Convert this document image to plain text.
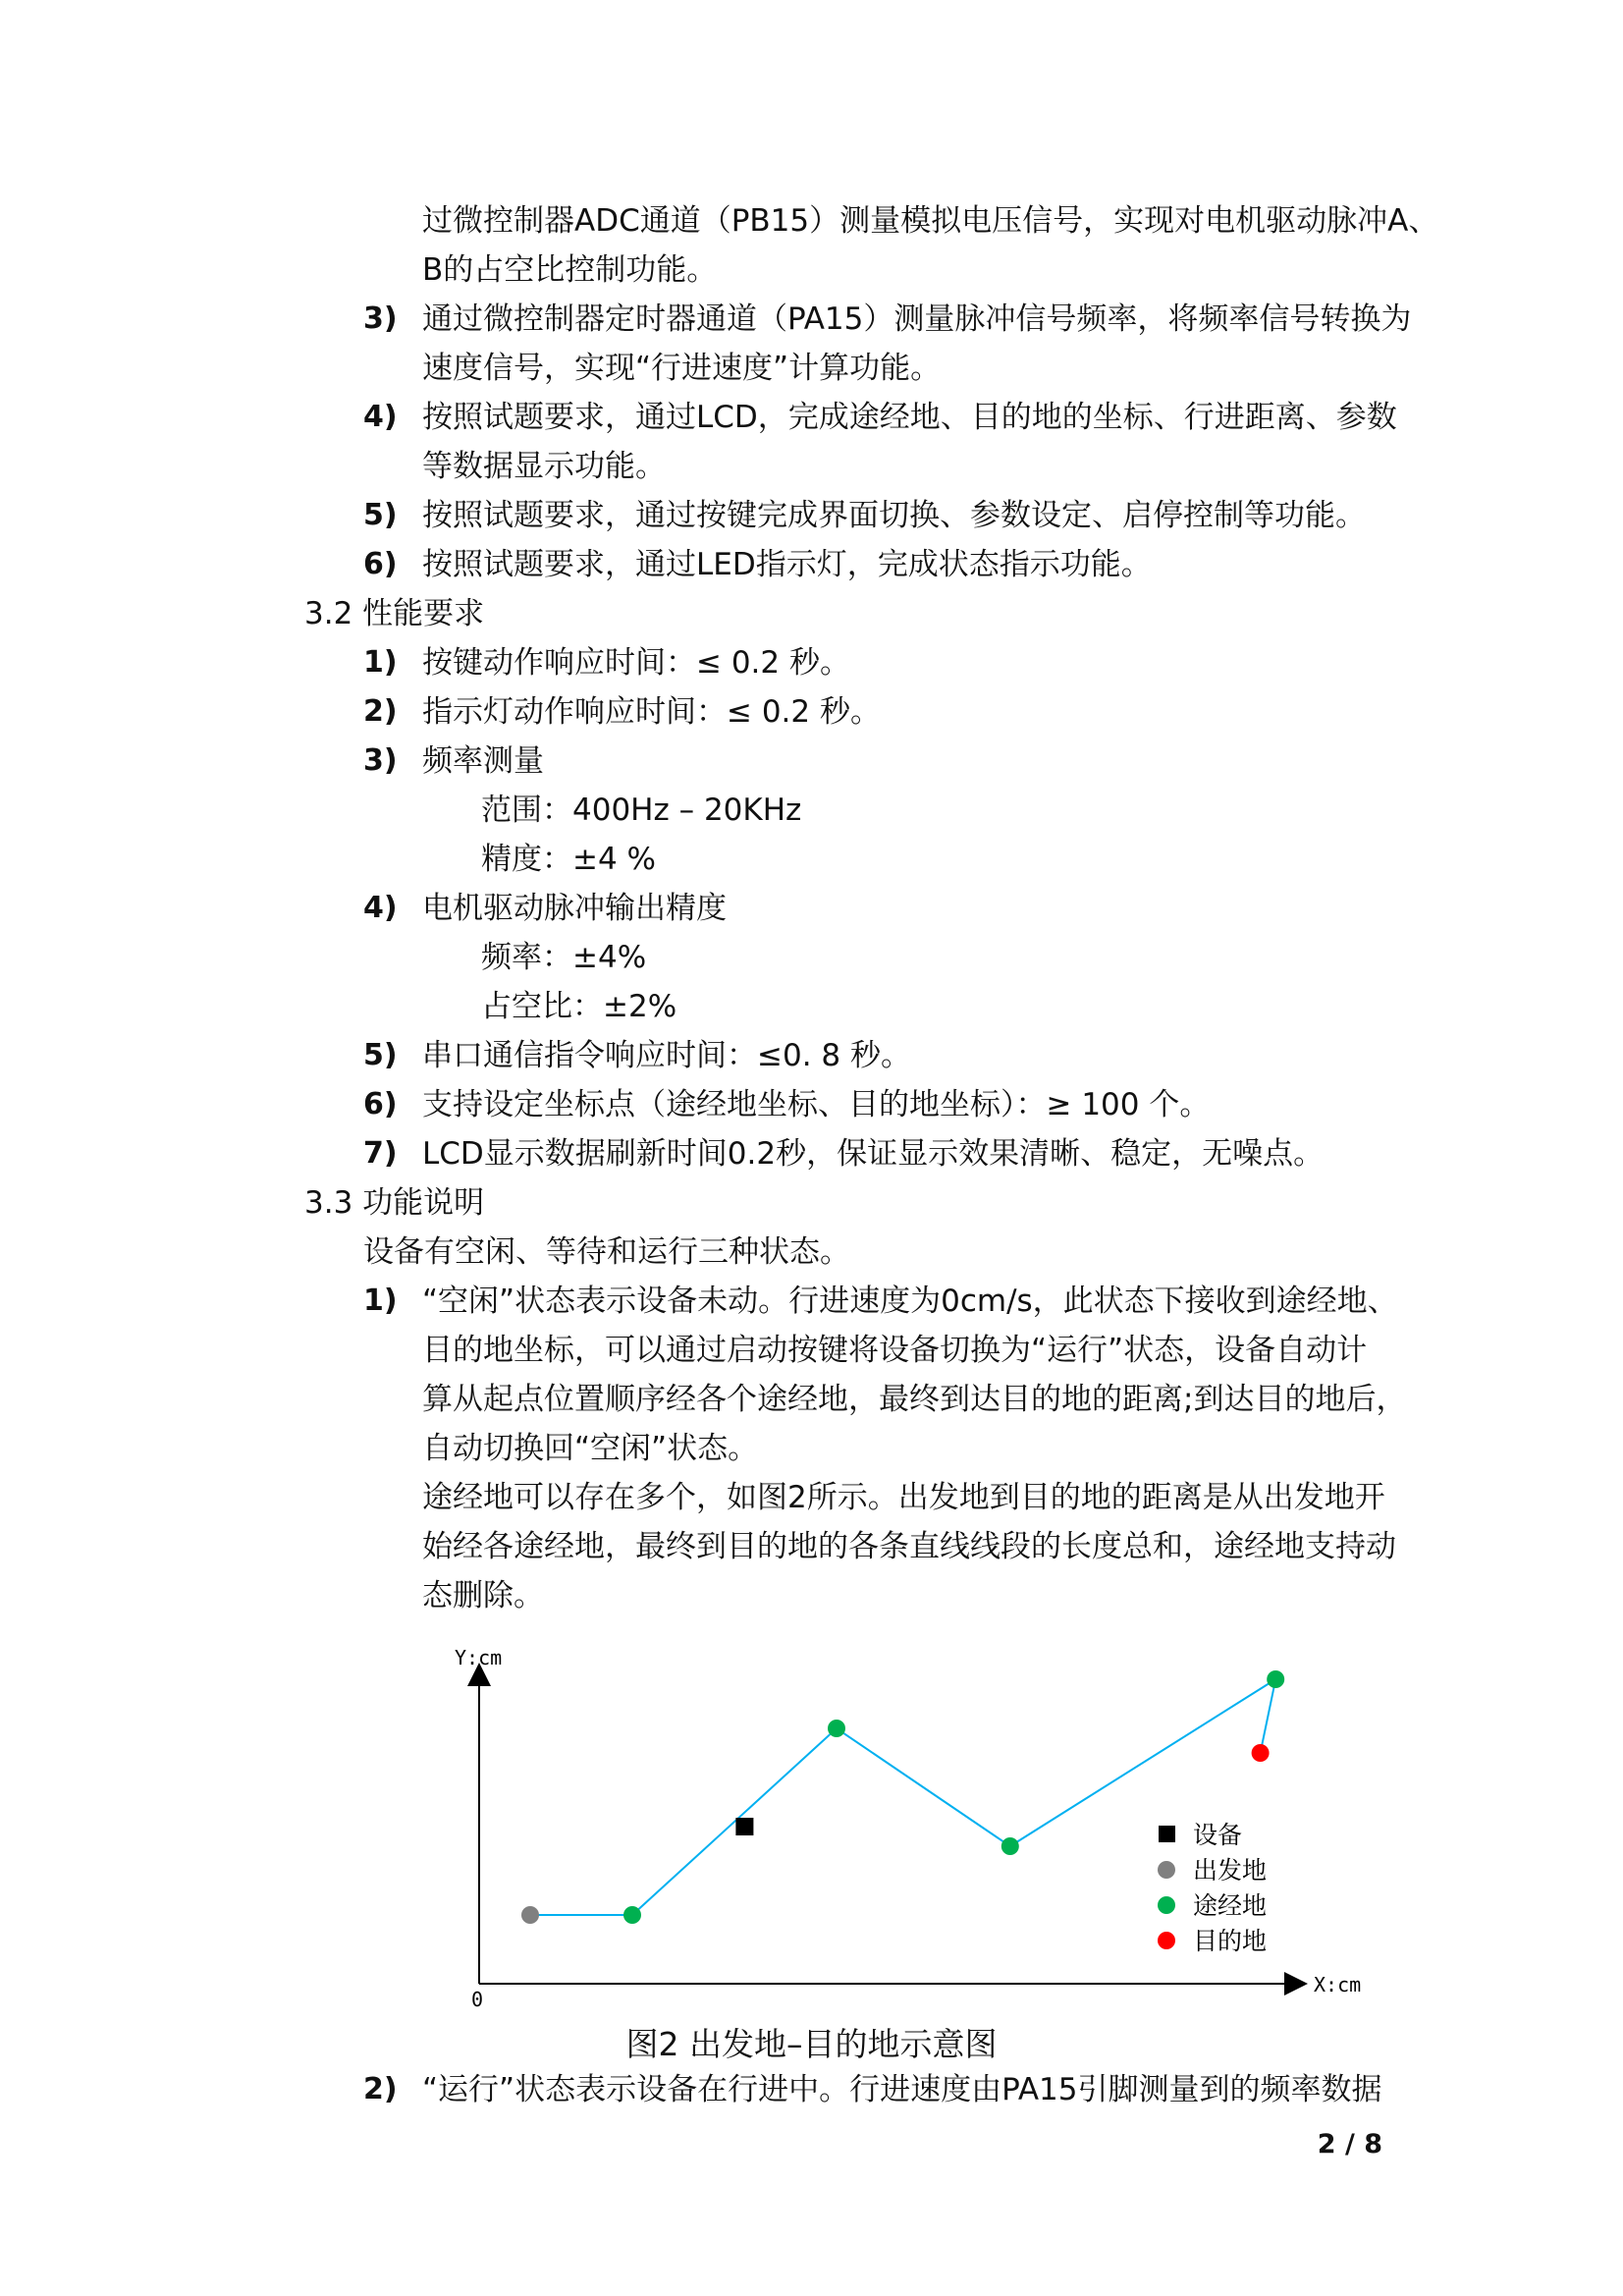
过微控制器ADC通道（PB15）测量模拟电压信号，实现对电机驱动脉冲A、
B的占空比控制功能。
3) 通过微控制器定时器通道（PA15）测量脉冲信号频率，将频率信号转换为
速度信号，实现“行进速度”计算功能。
4) 按照试题要求，通过LCD，完成途经地、目的地的坐标、行进距离、参数
等数据显示功能。
5) 按照试题要求，通过按键完成界面切换、参数设定、启停控制等功能。
6) 按照试题要求，通过LED指示灯，完成状态指示功能。
3.2 性能要求
1) 按键动作响应时间：≤ 0.2 秒。
2) 指示灯动作响应时间：≤ 0.2 秒。
3) 频率测量
范围：400Hz – 20KHz
精度：±4 %
4) 电机驱动脉冲输出精度
频率：±4%
占空比：±2%
5) 串口通信指令响应时间：≤0. 8 秒。
6) 支持设定坐标点（途经地坐标、目的地坐标）：≥ 100 个。
7) LCD显示数据刷新时间0.2秒，保证显示效果清晰、稳定，无噪点。
3.3 功能说明
设备有空闲、等待和运行三种状态。
1) “空闲”状态表示设备未动。行进速度为0cm/s，此状态下接收到途经地、
目的地坐标，可以通过启动按键将设备切换为“运行”状态，设备自动计
算从起点位置顺序经各个途经地，最终到达目的地的距离;到达目的地后，
自动切换回“空闲”状态。
途经地可以存在多个，如图2所示。出发地到目的地的距离是从出发地开
始经各途经地，最终到目的地的各条直线线段的长度总和，途经地支持动
态删除。
Y:cm
X:cm
0
设备
出发地
途经地
目的地
图2 出发地–目的地示意图
2) “运行”状态表示设备在行进中。行进速度由PA15引脚测量到的频率数据
2 / 8
